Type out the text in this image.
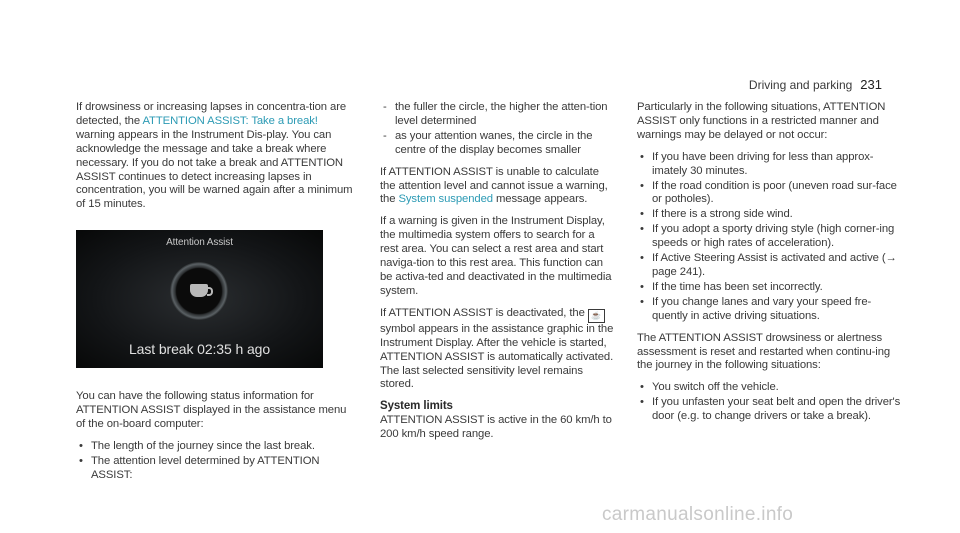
Driving and parking 231

If drowsiness or increasing lapses in concentra-tion are detected, the ATTENTION ASSIST: Take a break! warning appears in the Instrument Dis-play. You can acknowledge the message and take a break where necessary. If you do not take a break and ATTENTION ASSIST continues to detect increasing lapses in concentration, you will be warned again after a minimum of 15 minutes.

Attention Assist
Last break 02:35 h ago

You can have the following status information for ATTENTION ASSIST displayed in the assistance menu of the on-board computer:

• The length of the journey since the last break.
• The attention level determined by ATTENTION ASSIST:
- the fuller the circle, the higher the atten-tion level determined
- as your attention wanes, the circle in the centre of the display becomes smaller

If ATTENTION ASSIST is unable to calculate the attention level and cannot issue a warning, the System suspended message appears.

If a warning is given in the Instrument Display, the multimedia system offers to search for a rest area. You can select a rest area and start naviga-tion to this rest area. This function can be activa-ted and deactivated in the multimedia system.

If ATTENTION ASSIST is deactivated, the ☕ symbol appears in the assistance graphic in the Instrument Display. After the vehicle is started, ATTENTION ASSIST is automatically activated. The last selected sensitivity level remains stored.

System limits

ATTENTION ASSIST is active in the 60 km/h to 200 km/h speed range.

Particularly in the following situations, ATTENTION ASSIST only functions in a restricted manner and warnings may be delayed or not occur:

• If you have been driving for less than approx-imately 30 minutes.
• If the road condition is poor (uneven road sur-face or potholes).
• If there is a strong side wind.
• If you adopt a sporty driving style (high corner-ing speeds or high rates of acceleration).
• If Active Steering Assist is activated and active (→ page 241).
• If the time has been set incorrectly.
• If you change lanes and vary your speed fre-quently in active driving situations.

The ATTENTION ASSIST drowsiness or alertness assessment is reset and restarted when continu-ing the journey in the following situations:

• You switch off the vehicle.
• If you unfasten your seat belt and open the driver's door (e.g. to change drivers or take a break).
carmanualsonline.info
